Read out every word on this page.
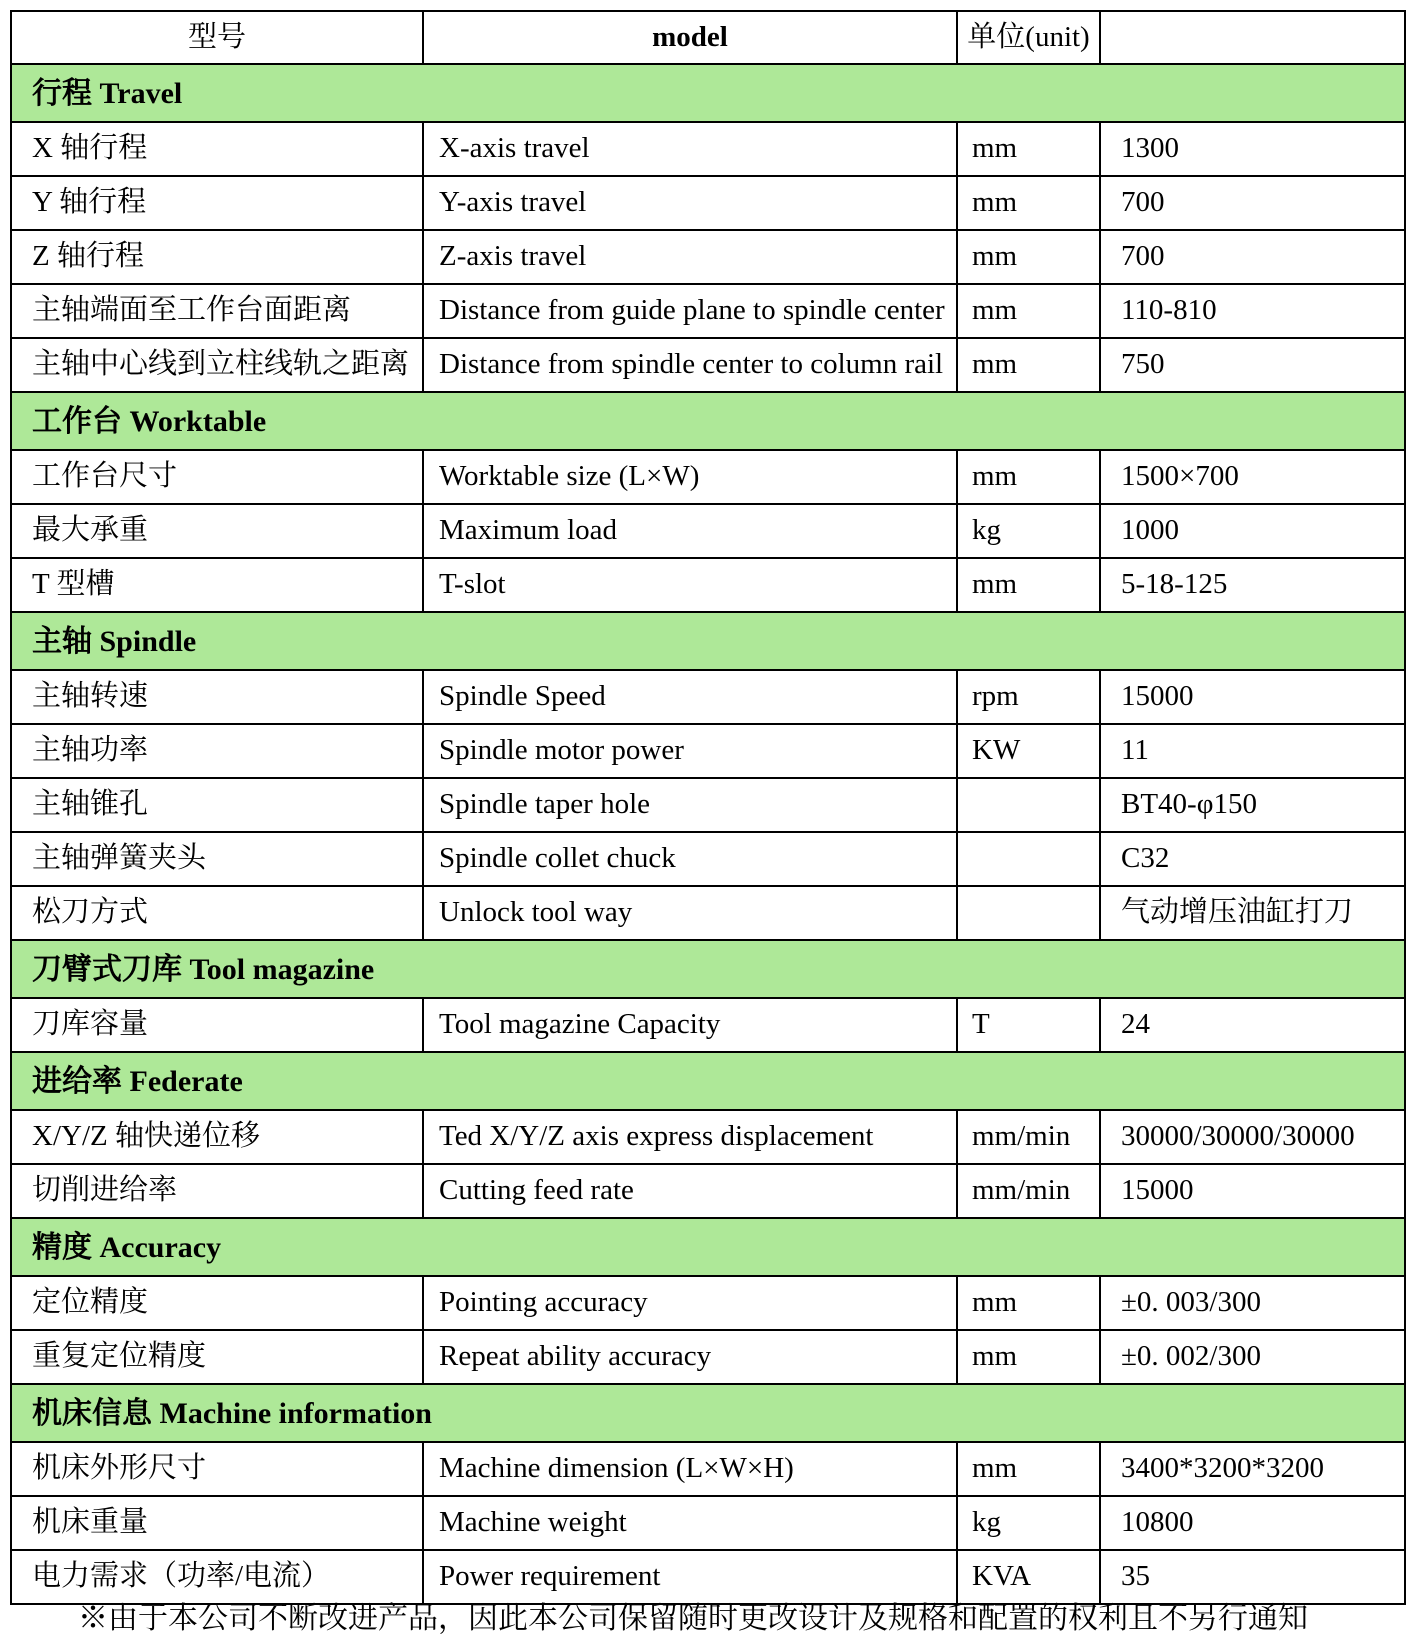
型号	model	单位(unit)	
行程 Travel			
X 轴行程	X-axis travel	mm	1300
Y 轴行程	Y-axis travel	mm	700
Z 轴行程	Z-axis travel	mm	700
主轴端面至工作台面距离	Distance from guide plane to spindle center	mm	110-810
主轴中心线到立柱线轨之距离	Distance from spindle center to column rail	mm	750
工作台 Worktable			
工作台尺寸	Worktable size (L×W)	mm	1500×700
最大承重	Maximum load	kg	1000
T 型槽	T-slot	mm	5-18-125
主轴 Spindle			
主轴转速	Spindle Speed	rpm	15000
主轴功率	Spindle motor power	KW	11
主轴锥孔	Spindle taper hole		BT40-φ150
主轴弹簧夹头	Spindle collet chuck		C32
松刀方式	Unlock tool way		气动增压油缸打刀
刀臂式刀库 Tool magazine			
刀库容量	Tool magazine Capacity	T	24
进给率 Federate			
X/Y/Z 轴快递位移	Ted X/Y/Z axis express displacement	mm/min	30000/30000/30000
切削进给率	Cutting feed rate	mm/min	15000
精度 Accuracy			
定位精度	Pointing accuracy	mm	±0. 003/300
重复定位精度	Repeat ability accuracy	mm	±0. 002/300
机床信息 Machine information			
机床外形尺寸	Machine dimension (L×W×H)	mm	3400*3200*3200
机床重量	Machine weight	kg	10800
电力需求（功率/电流）	Power requirement	KVA	35
※由于本公司不断改进产品，因此本公司保留随时更改设计及规格和配置的权利且不另行通知
